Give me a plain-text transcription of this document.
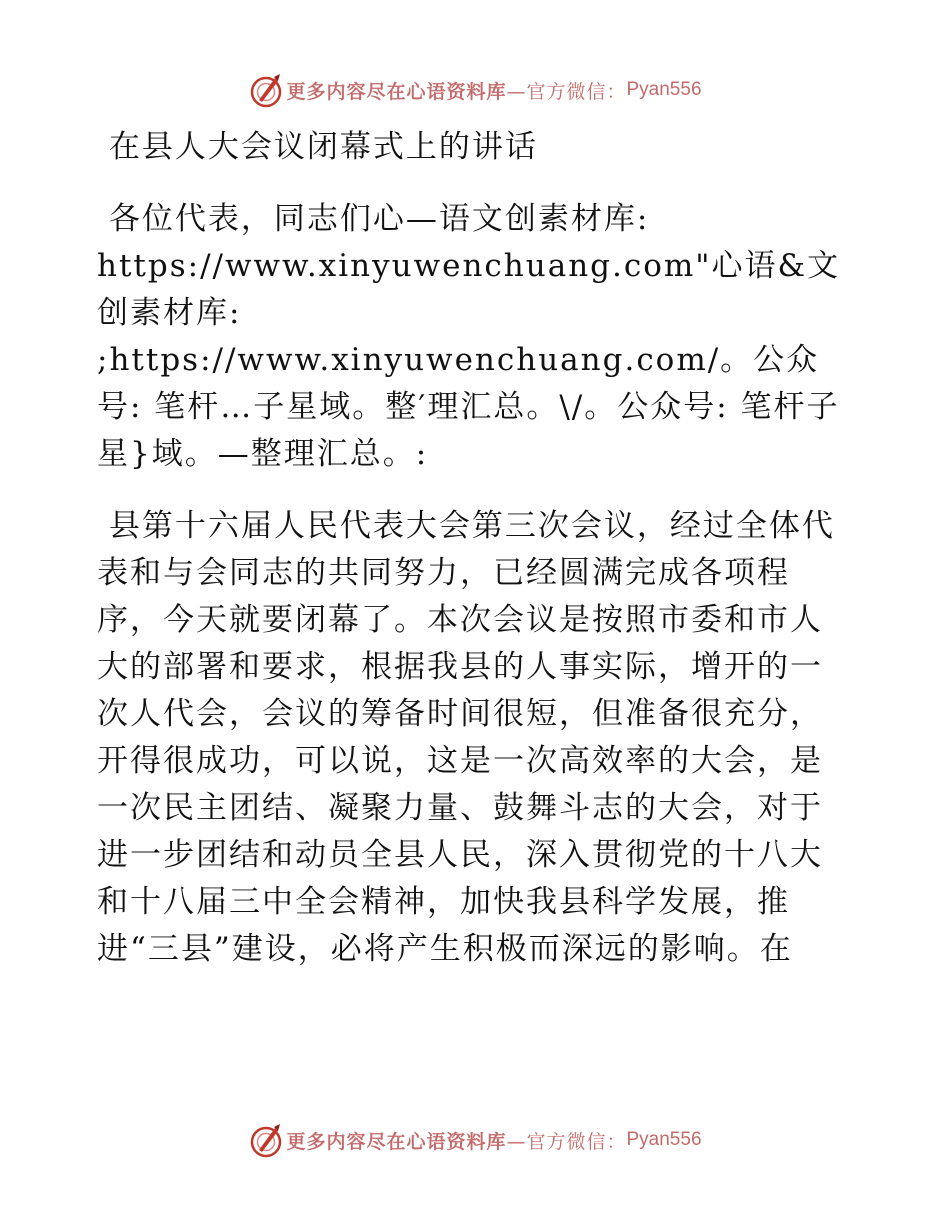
更多内容尽在心语资料库 —官方微信： Pyan556
在县人大会议闭幕式上的讲话
各位代表，同志们心—语文创素材库: https://www.xinyuwenchuang.com"心语&文创素材库: ;https://www.xinyuwenchuang.com/。公众号: 笔杆…子星域。整′理汇总。\/。公众号: 笔杆子星}域。—整理汇总。:
县第十六届人民代表大会第三次会议，经过全体代表和与会同志的共同努力，已经圆满完成各项程序，今天就要闭幕了。本次会议是按照市委和市人大的部署和要求，根据我县的人事实际，增开的一次人代会，会议的筹备时间很短，但准备很充分，开得很成功，可以说，这是一次高效率的大会，是一次民主团结、凝聚力量、鼓舞斗志的大会，对于进一步团结和动员全县人民，深入贯彻党的十八大和十八届三中全会精神，加快我县科学发展，推进“三县”建设，必将产生积极而深远的影响。在
更多内容尽在心语资料库 —官方微信： Pyan556
